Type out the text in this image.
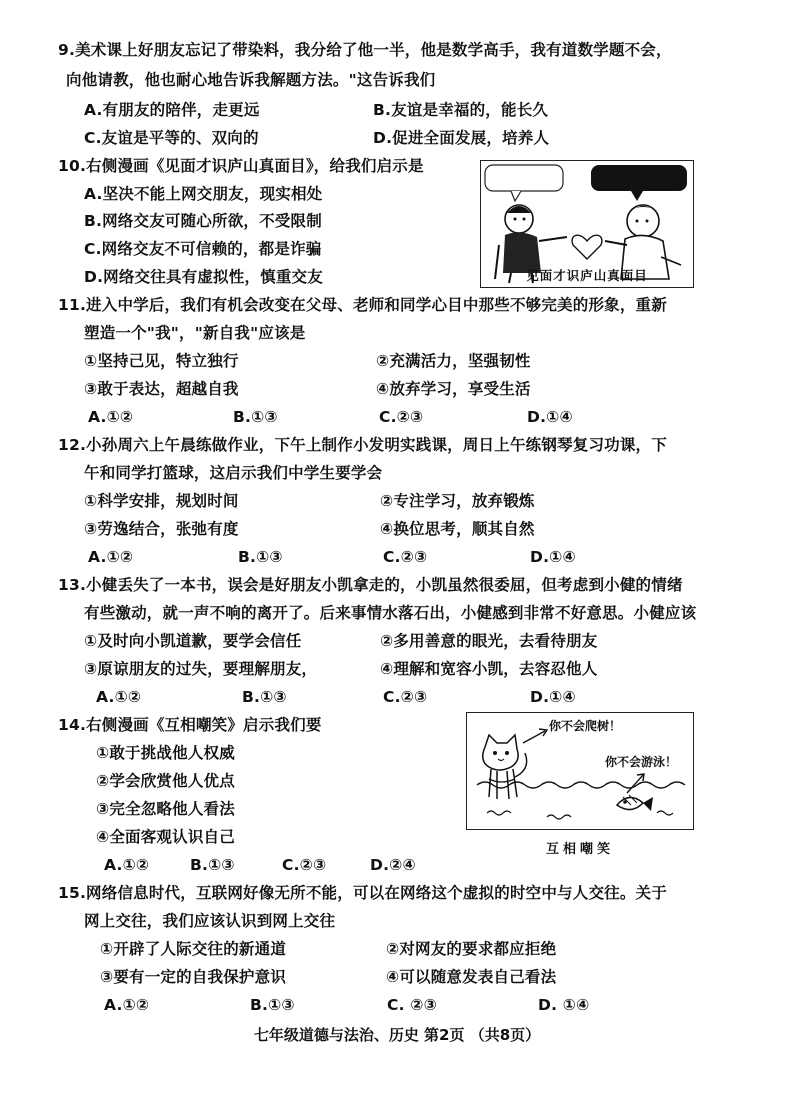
9.美术课上好朋友忘记了带染料，我分给了他一半，他是数学高手，我有道数学题不会，
向他请教，他也耐心地告诉我解题方法。"这告诉我们
A.有朋友的陪伴，走更远	B.友谊是幸福的，能长久
C.友谊是平等的、双向的	D.促进全面发展，培养人
10.右侧漫画《见面才识庐山真面目》，给我们启示是
A.坚决不能上网交朋友，现实相处
B.网络交友可随心所欲，不受限制
C.网络交友不可信赖的，都是诈骗
D.网络交往具有虚拟性，慎重交友	见面才识庐山真面目
11.进入中学后，我们有机会改变在父母、老师和同学心目中那些不够完美的形象，重新
塑造一个"我"，"新自我"应该是
①坚持己见，特立独行	②充满活力，坚强韧性
③敢于表达，超越自我	④放弃学习，享受生活
A.①②	B.①③	C.②③	D.①④
12.小孙周六上午晨练做作业，下午上制作小发明实践课，周日上午练钢琴复习功课，下
午和同学打篮球，这启示我们中学生要学会
①科学安排，规划时间	②专注学习，放弃锻炼
③劳逸结合，张弛有度	④换位思考，顺其自然
A.①②	B.①③	C.②③	D.①④
13.小健丢失了一本书，误会是好朋友小凯拿走的，小凯虽然很委屈，但考虑到小健的情绪
有些激动，就一声不响的离开了。后来事情水落石出，小健感到非常不好意思。小健应该
①及时向小凯道歉，要学会信任	②多用善意的眼光，去看待朋友
③原谅朋友的过失，要理解朋友，	④理解和宽容小凯，去容忍他人
A.①②	B.①③	C.②③	D.①④
14.右侧漫画《互相嘲笑》启示我们要
①敢于挑战他人权威
②学会欣赏他人优点
③完全忽略他人看法
④全面客观认识自己
A.①②	B.①③	C.②③	D.②④
你不会爬树！
你不会游泳！
互相嘲笑
15.网络信息时代，互联网好像无所不能，可以在网络这个虚拟的时空中与人交往。关于
网上交往，我们应该认识到网上交往
①开辟了人际交往的新通道	②对网友的要求都应拒绝
③要有一定的自我保护意识	④可以随意发表自己看法
A.①②	B.①③	C. ②③	D. ①④
七年级道德与法治、历史 第2页 （共8页）
